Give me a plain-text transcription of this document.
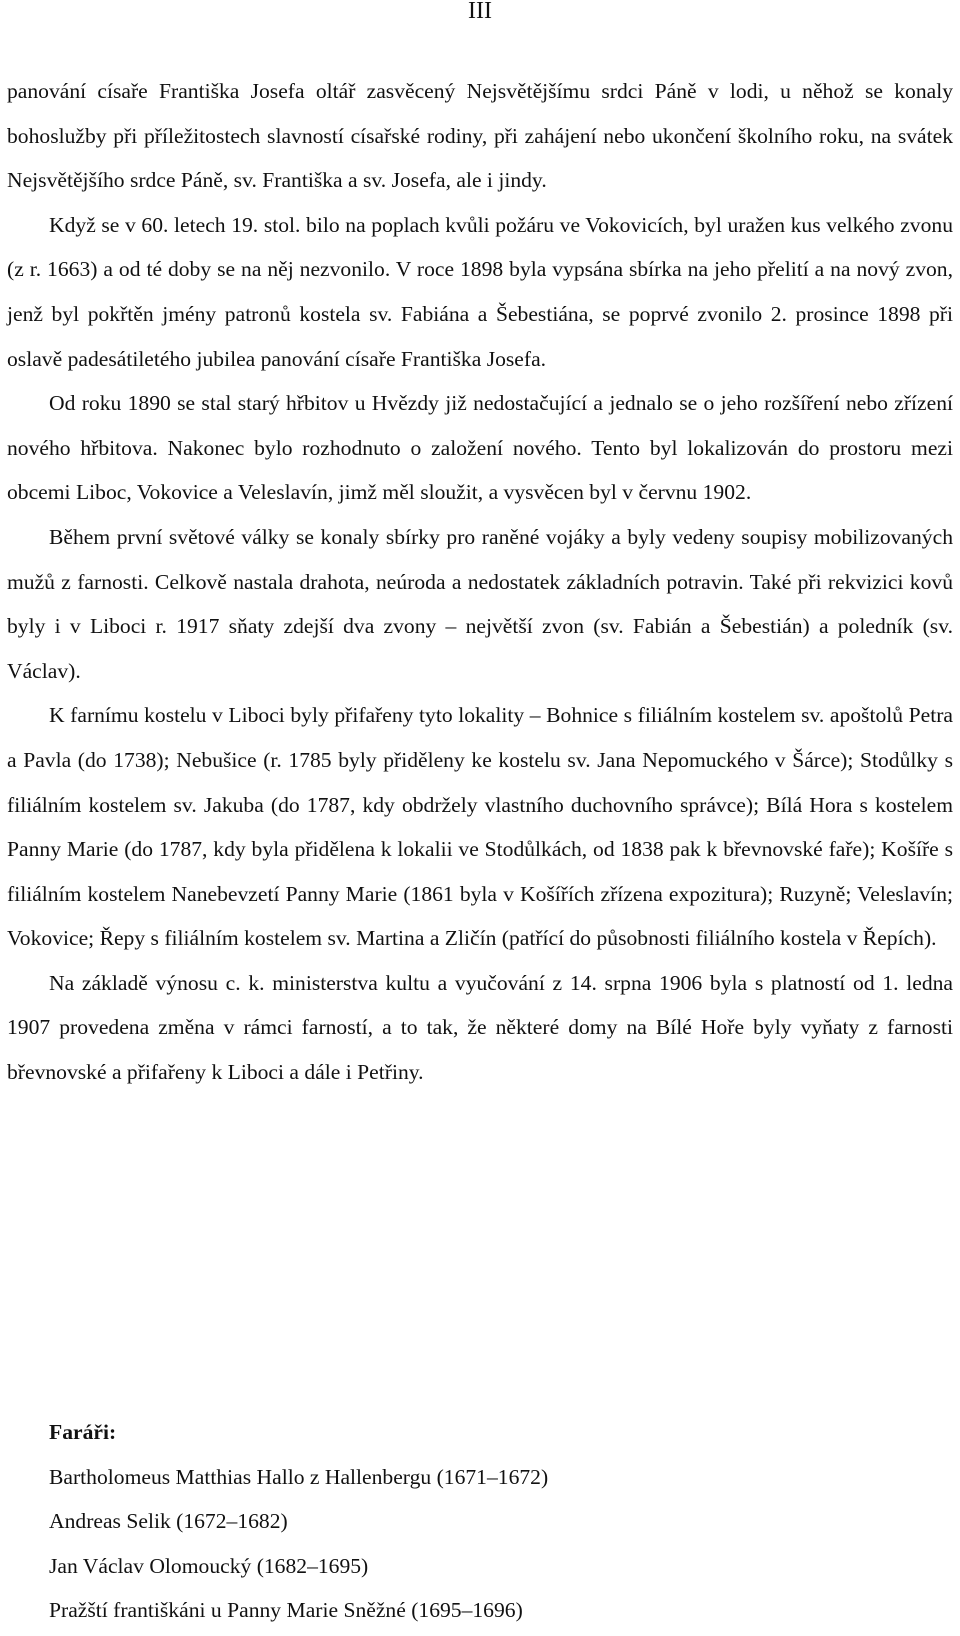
III

panování císaře Františka Josefa oltář zasvěcený Nejsvětějšímu srdci Páně v lodi, u něhož se konaly bohoslužby při příležitostech slavností císařské rodiny, při zahájení nebo ukončení školního roku, na svátek Nejsvětějšího srdce Páně, sv. Františka a sv. Josefa, ale i jindy.

Když se v 60. letech 19. stol. bilo na poplach kvůli požáru ve Vokovicích, byl uražen kus velkého zvonu (z r. 1663) a od té doby se na něj nezvonilo. V roce 1898 byla vypsána sbírka na jeho přelití a na nový zvon, jenž byl pokřtěn jmény patronů kostela sv. Fabiána a Šebestiána, se poprvé zvonilo 2. prosince 1898 při oslavě padesátiletého jubilea panování císaře Františka Josefa.

Od roku 1890 se stal starý hřbitov u Hvězdy již nedostačující a jednalo se o jeho rozšíření nebo zřízení nového hřbitova. Nakonec bylo rozhodnuto o založení nového. Tento byl lokalizován do prostoru mezi obcemi Liboc, Vokovice a Veleslavín, jimž měl sloužit, a vysvěcen byl v červnu 1902.

Během první světové války se konaly sbírky pro raněné vojáky a byly vedeny soupisy mobilizovaných mužů z farnosti. Celkově nastala drahota, neúroda a nedostatek základních potravin. Také při rekvizici kovů byly i v Liboci r. 1917 sňaty zdejší dva zvony – největší zvon (sv. Fabián a Šebestián) a poledník (sv. Václav).

K farnímu kostelu v Liboci byly přifařeny tyto lokality – Bohnice s filiálním kostelem sv. apoštolů Petra a Pavla (do 1738); Nebušice (r. 1785 byly přiděleny ke kostelu sv. Jana Nepomuckého v Šárce); Stodůlky s filiálním kostelem sv. Jakuba (do 1787, kdy obdržely vlastního duchovního správce); Bílá Hora s kostelem Panny Marie (do 1787, kdy byla přidělena k lokalii ve Stodůlkách, od 1838 pak k břevnovské faře); Košíře s filiálním kostelem Nanebevzetí Panny Marie (1861 byla v Košířích zřízena expozitura); Ruzyně; Veleslavín; Vokovice; Řepy s filiálním kostelem sv. Martina a Zličín (patřící do působnosti filiálního kostela v Řepích).

Na základě výnosu c. k. ministerstva kultu a vyučování z 14. srpna 1906 byla s platností od 1. ledna 1907 provedena změna v rámci farností, a to tak, že některé domy na Bílé Hoře byly vyňaty z farnosti břevnovské a přifařeny k Liboci a dále i Petřiny.

Faráři:

Bartholomeus Matthias Hallo z Hallenbergu (1671–1672)
Andreas Selik (1672–1682)
Jan Václav Olomoucký (1682–1695)
Pražští františkáni u Panny Marie Sněžné (1695–1696)
